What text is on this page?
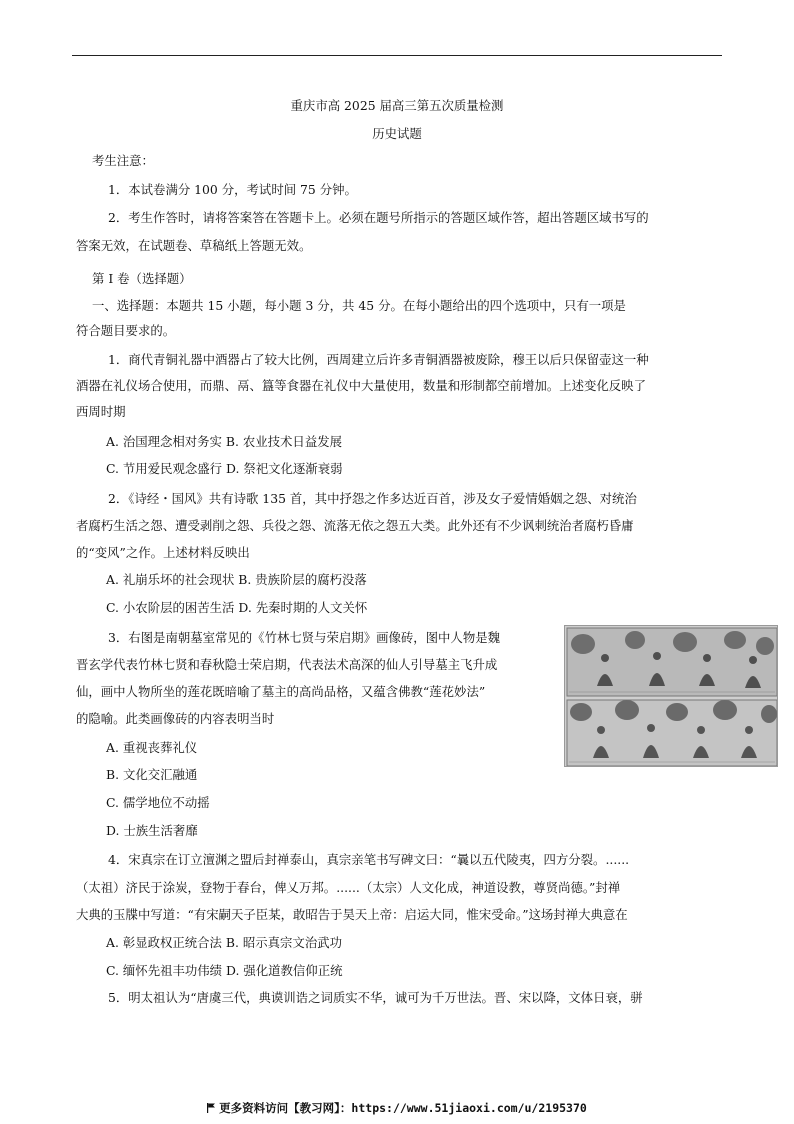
重庆市高 2025 届高三第五次质量检测
历史试题
考生注意：
1．本试卷满分 100 分，考试时间 75 分钟。
2．考生作答时，请将答案答在答题卡上。必须在题号所指示的答题区域作答，超出答题区域书写的
答案无效，在试题卷、草稿纸上答题无效。
第 I 卷（选择题）
一、选择题：本题共 15 小题，每小题 3 分，共 45 分。在每小题给出的四个选项中，只有一项是
符合题目要求的。
1．商代青铜礼器中酒器占了较大比例，西周建立后许多青铜酒器被废除，穆王以后只保留壶这一种
酒器在礼仪场合使用，而鼎、鬲、簋等食器在礼仪中大量使用，数量和形制都空前增加。上述变化反映了
西周时期
A. 治国理念相对务实 B. 农业技术日益发展
C. 节用爱民观念盛行 D. 祭祀文化逐渐衰弱
2．《诗经・国风》共有诗歌 135 首，其中抒怨之作多达近百首，涉及女子爱情婚姻之怨、对统治
者腐朽生活之怨、遭受剥削之怨、兵役之怨、流落无依之怨五大类。此外还有不少讽刺统治者腐朽昏庸
的“变风”之作。上述材料反映出
A. 礼崩乐坏的社会现状 B. 贵族阶层的腐朽没落
C. 小农阶层的困苦生活 D. 先秦时期的人文关怀
3．右图是南朝墓室常见的《竹林七贤与荣启期》画像砖，图中人物是魏
晋玄学代表竹林七贤和春秋隐士荣启期，代表法术高深的仙人引导墓主飞升成
仙，画中人物所坐的莲花既暗喻了墓主的高尚品格，又蕴含佛教“莲花妙法”
的隐喻。此类画像砖的内容表明当时
A. 重视丧葬礼仪
B. 文化交汇融通
C. 儒学地位不动摇
D. 士族生活奢靡
4．宋真宗在订立澶渊之盟后封禅泰山，真宗亲笔书写碑文曰：“曩以五代陵夷，四方分裂。......
（太祖）济民于涂炭，登物于春台，俾乂万邦。......（太宗）人文化成，神道设教，尊贤尚德。”封禅
大典的玉牒中写道：“有宋嗣天子臣某，敢昭告于昊天上帝：启运大同，惟宋受命。”这场封禅大典意在
A. 彰显政权正统合法 B. 昭示真宗文治武功
C. 缅怀先祖丰功伟绩 D. 强化道教信仰正统
5．明太祖认为“唐虞三代，典谟训诰之词质实不华，诚可为千万世法。晋、宋以降，文体日衰，骈
更多资料访问【教习网】：https://www.51jiaoxi.com/u/2195370
